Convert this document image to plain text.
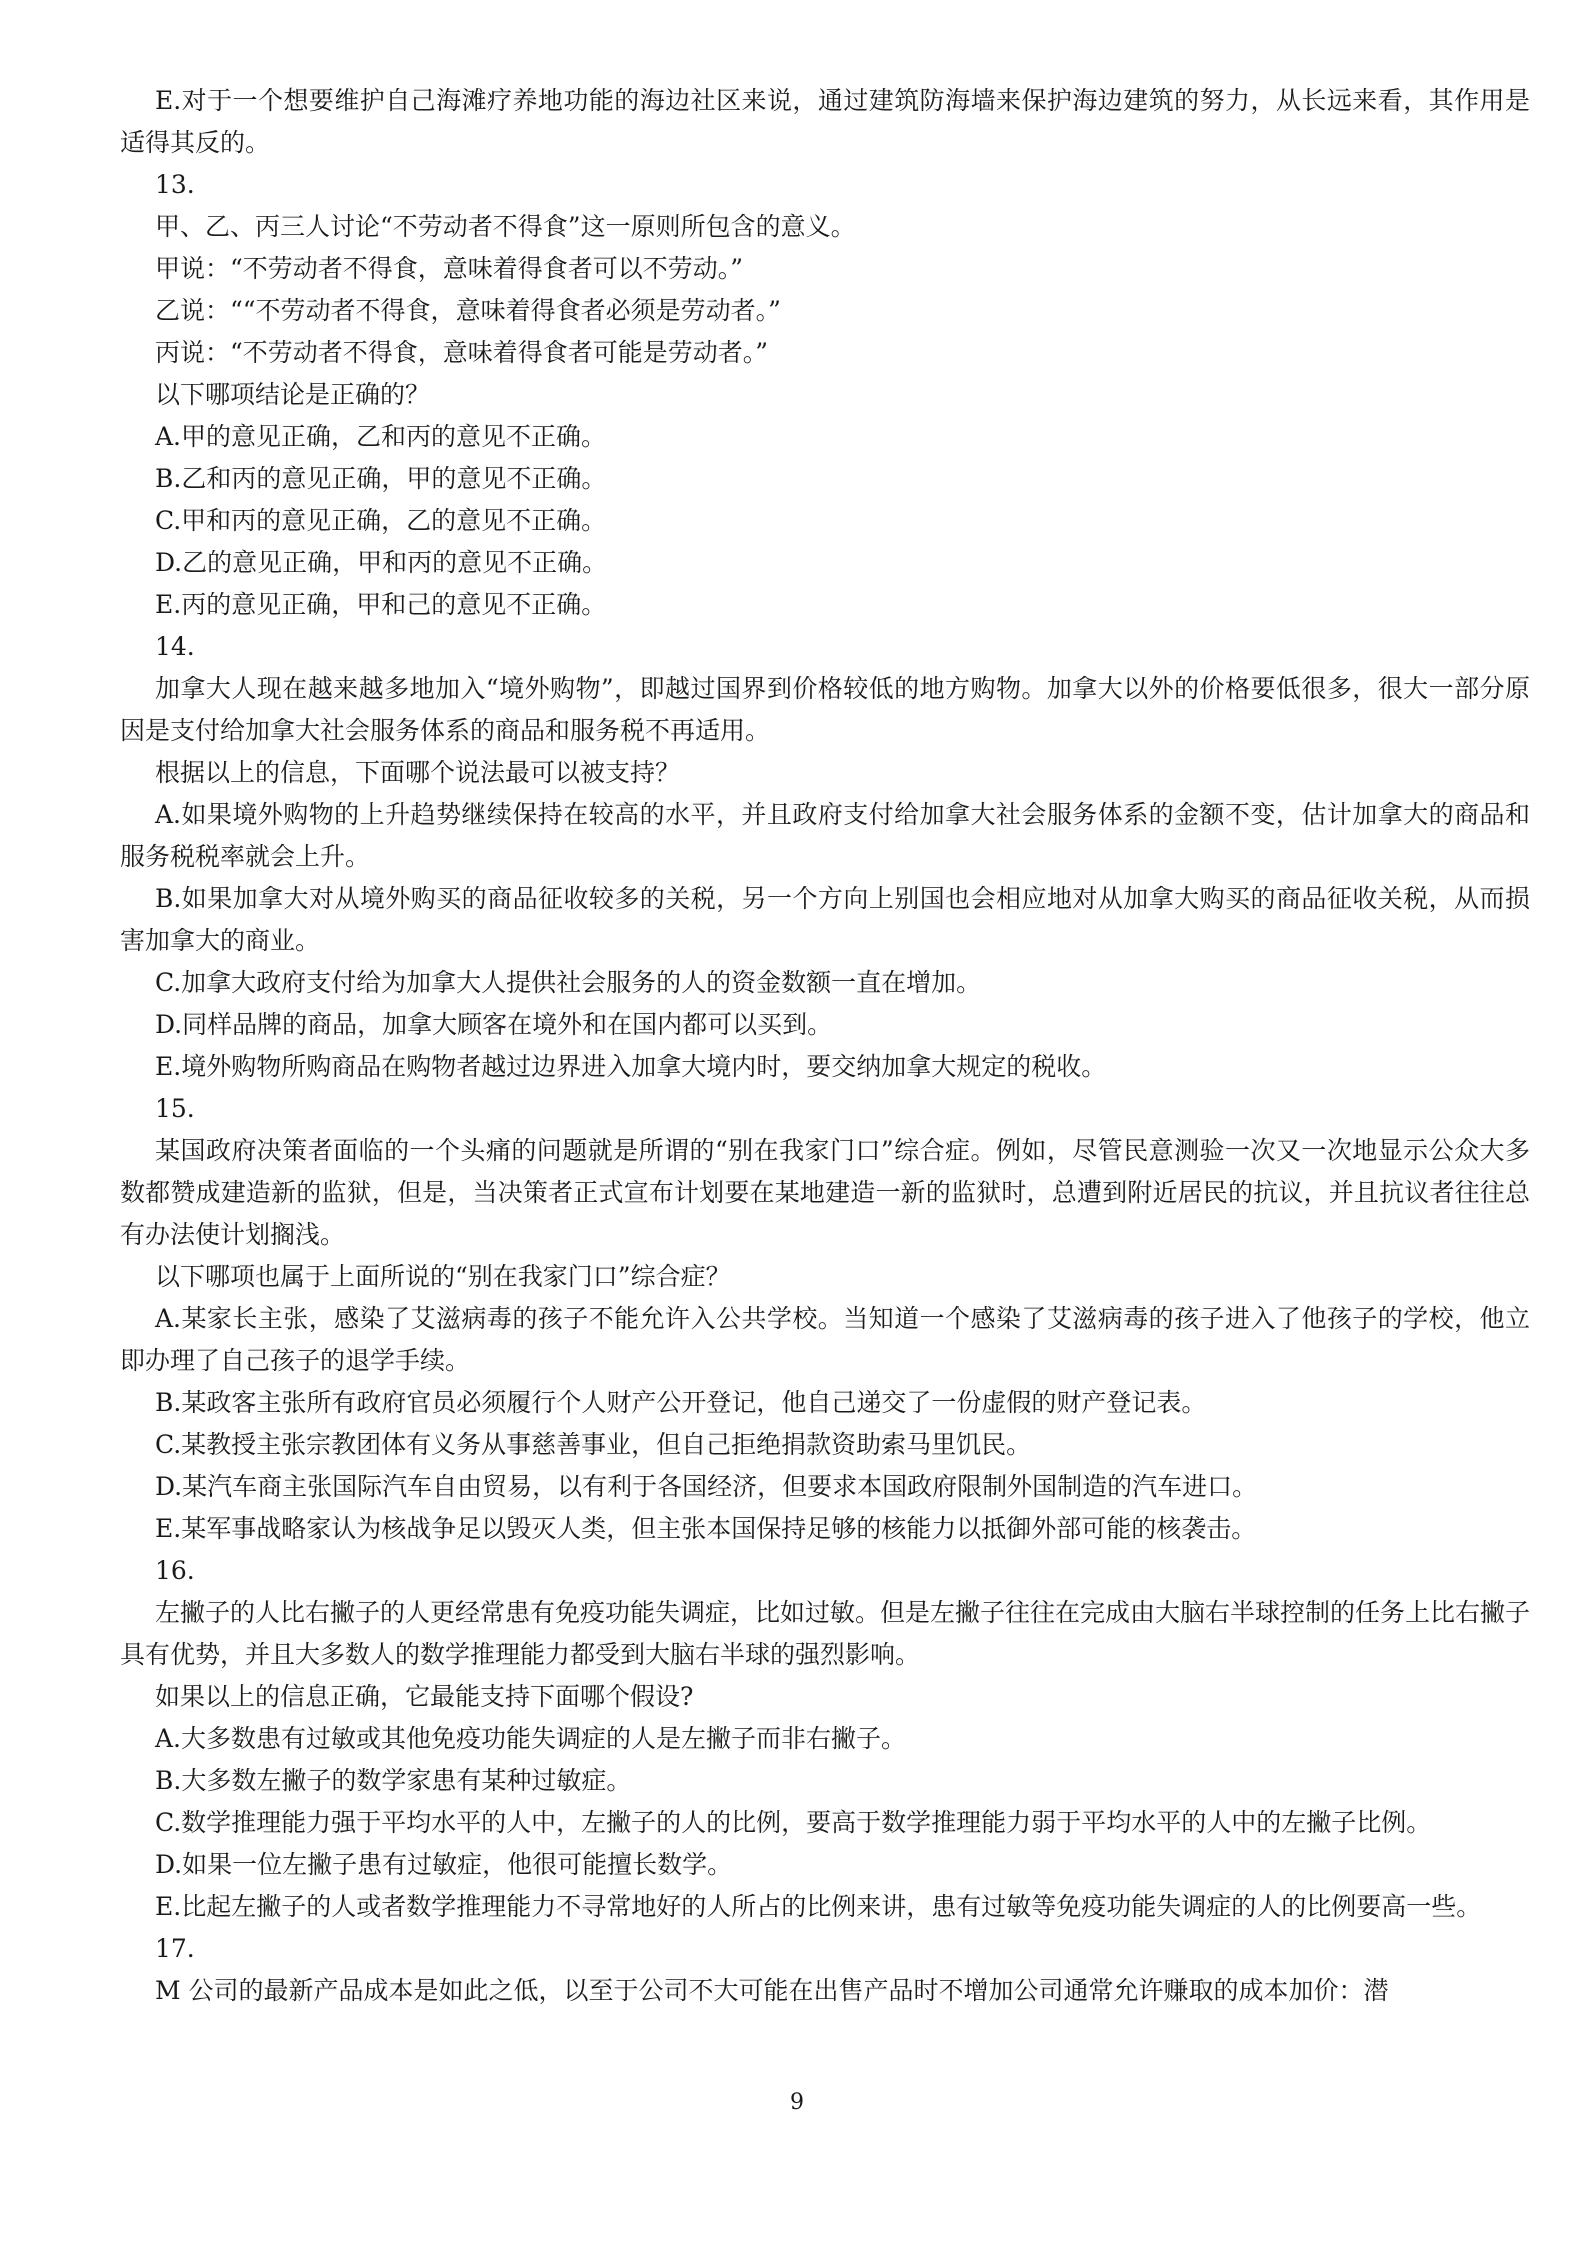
E.对于一个想要维护自己海滩疗养地功能的海边社区来说，通过建筑防海墙来保护海边建筑的努力，从长远来看，其作用是适得其反的。

13.

甲、乙、丙三人讨论“不劳动者不得食”这一原则所包含的意义。

甲说：“不劳动者不得食，意味着得食者可以不劳动。”

乙说：““不劳动者不得食，意味着得食者必须是劳动者。”

丙说：“不劳动者不得食，意味着得食者可能是劳动者。”

以下哪项结论是正确的？

A.甲的意见正确，乙和丙的意见不正确。

B.乙和丙的意见正确，甲的意见不正确。

C.甲和丙的意见正确，乙的意见不正确。

D.乙的意见正确，甲和丙的意见不正确。

E.丙的意见正确，甲和己的意见不正确。

14.

加拿大人现在越来越多地加入“境外购物”，即越过国界到价格较低的地方购物。加拿大以外的价格要低很多，很大一部分原因是支付给加拿大社会服务体系的商品和服务税不再适用。

根据以上的信息，下面哪个说法最可以被支持？

A.如果境外购物的上升趋势继续保持在较高的水平，并且政府支付给加拿大社会服务体系的金额不变，估计加拿大的商品和服务税税率就会上升。

B.如果加拿大对从境外购买的商品征收较多的关税，另一个方向上别国也会相应地对从加拿大购买的商品征收关税，从而损害加拿大的商业。

C.加拿大政府支付给为加拿大人提供社会服务的人的资金数额一直在增加。

D.同样品牌的商品，加拿大顾客在境外和在国内都可以买到。

E.境外购物所购商品在购物者越过边界进入加拿大境内时，要交纳加拿大规定的税收。

15.

某国政府决策者面临的一个头痛的问题就是所谓的“别在我家门口”综合症。例如，尽管民意测验一次又一次地显示公众大多数都赞成建造新的监狱，但是，当决策者正式宣布计划要在某地建造一新的监狱时，总遭到附近居民的抗议，并且抗议者往往总有办法使计划搁浅。

以下哪项也属于上面所说的“别在我家门口”综合症？

A.某家长主张，感染了艾滋病毒的孩子不能允许入公共学校。当知道一个感染了艾滋病毒的孩子进入了他孩子的学校，他立即办理了自己孩子的退学手续。

B.某政客主张所有政府官员必须履行个人财产公开登记，他自己递交了一份虚假的财产登记表。

C.某教授主张宗教团体有义务从事慈善事业，但自己拒绝捐款资助索马里饥民。

D.某汽车商主张国际汽车自由贸易，以有利于各国经济，但要求本国政府限制外国制造的汽车进口。

E.某军事战略家认为核战争足以毁灭人类，但主张本国保持足够的核能力以抵御外部可能的核袭击。

16.

左撇子的人比右撇子的人更经常患有免疫功能失调症，比如过敏。但是左撇子往往在完成由大脑右半球控制的任务上比右撇子具有优势，并且大多数人的数学推理能力都受到大脑右半球的强烈影响。

如果以上的信息正确，它最能支持下面哪个假设?

A.大多数患有过敏或其他免疫功能失调症的人是左撇子而非右撇子。

B.大多数左撇子的数学家患有某种过敏症。

C.数学推理能力强于平均水平的人中，左撇子的人的比例，要高于数学推理能力弱于平均水平的人中的左撇子比例。

D.如果一位左撇子患有过敏症，他很可能擅长数学。

E.比起左撇子的人或者数学推理能力不寻常地好的人所占的比例来讲，患有过敏等免疫功能失调症的人的比例要高一些。

17.

M 公司的最新产品成本是如此之低，以至于公司不大可能在出售产品时不增加公司通常允许赚取的成本加价：潜

9
